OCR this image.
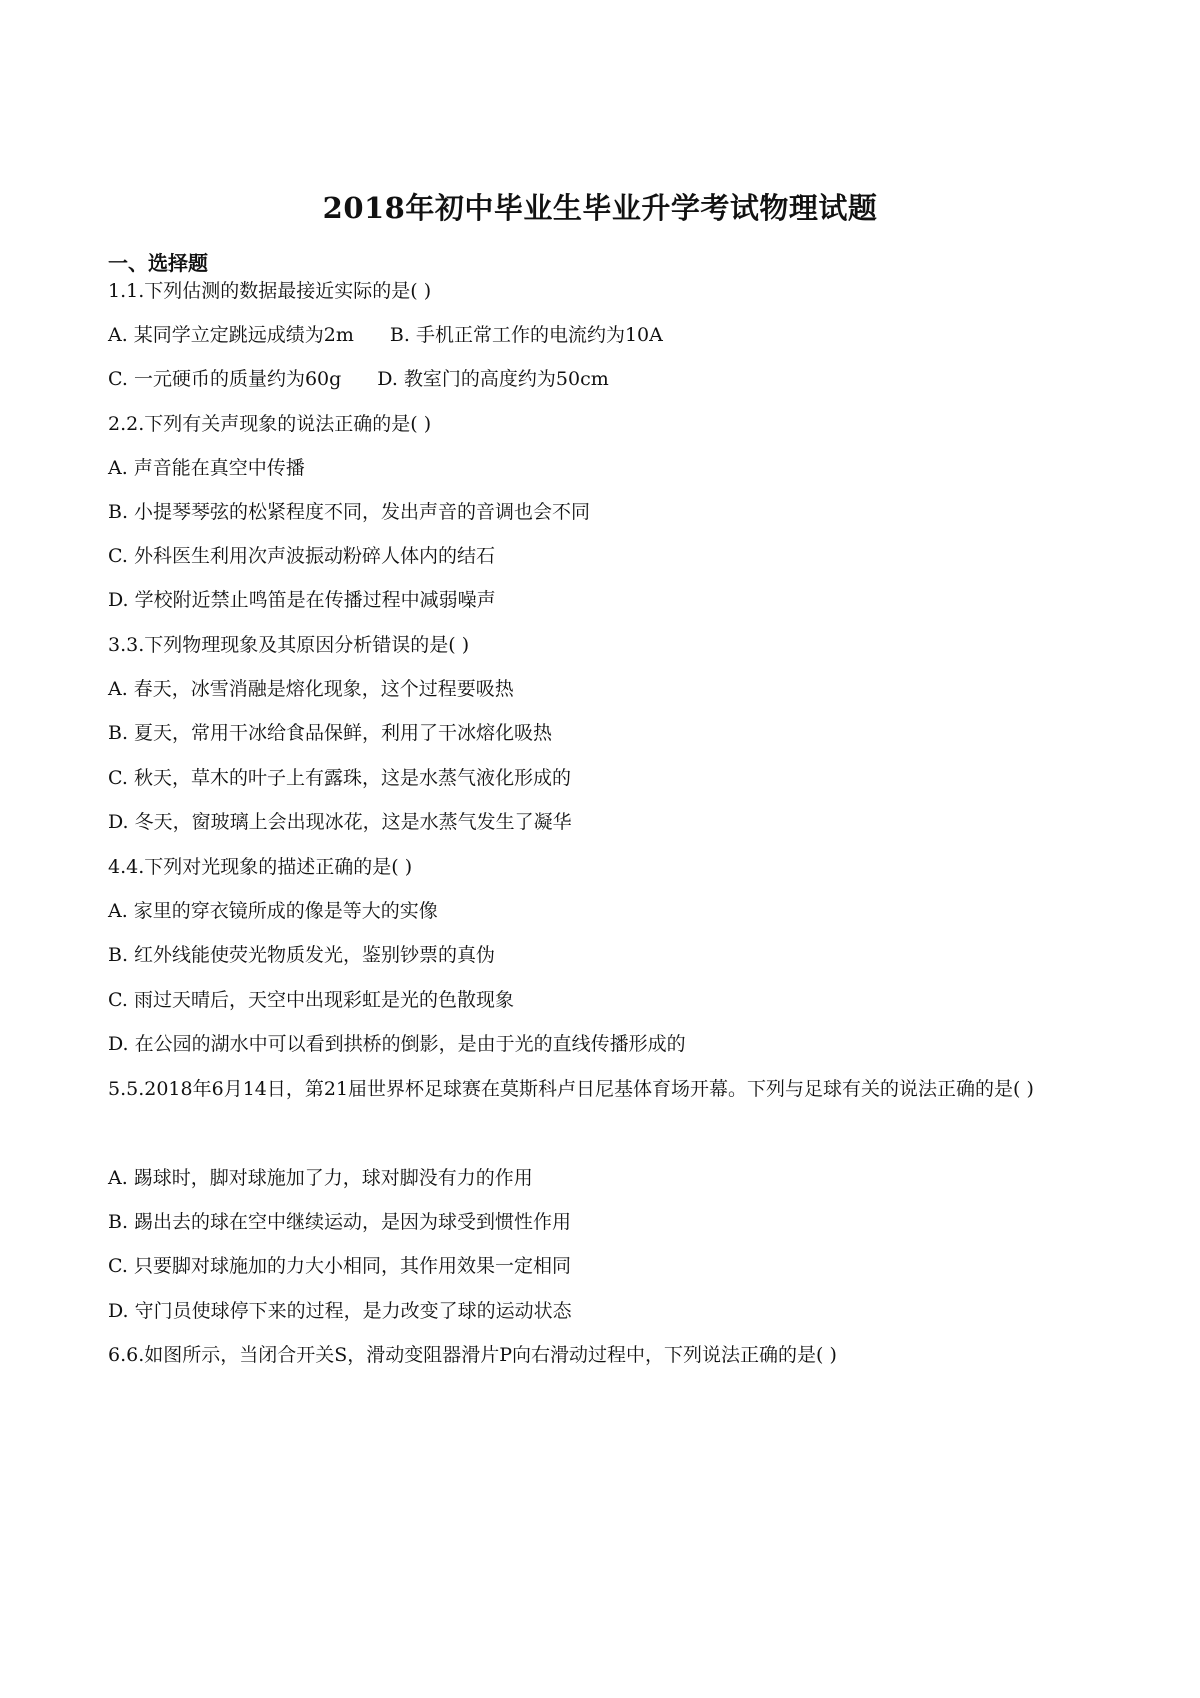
2018年初中毕业生毕业升学考试物理试题
一、选择题
1.1.下列估测的数据最接近实际的是( )
A. 某同学立定跳远成绩为2m B. 手机正常工作的电流约为10A
C. 一元硬币的质量约为60g D. 教室门的高度约为50cm
2.2.下列有关声现象的说法正确的是( )
A. 声音能在真空中传播
B. 小提琴琴弦的松紧程度不同，发出声音的音调也会不同
C. 外科医生利用次声波振动粉碎人体内的结石
D. 学校附近禁止鸣笛是在传播过程中减弱噪声
3.3.下列物理现象及其原因分析错误的是( )
A. 春天，冰雪消融是熔化现象，这个过程要吸热
B. 夏天，常用干冰给食品保鲜，利用了干冰熔化吸热
C. 秋天，草木的叶子上有露珠，这是水蒸气液化形成的
D. 冬天，窗玻璃上会出现冰花，这是水蒸气发生了凝华
4.4.下列对光现象的描述正确的是( )
A. 家里的穿衣镜所成的像是等大的实像
B. 红外线能使荧光物质发光，鉴别钞票的真伪
C. 雨过天晴后，天空中出现彩虹是光的色散现象
D. 在公园的湖水中可以看到拱桥的倒影，是由于光的直线传播形成的
5.5.2018年6月14日，第21届世界杯足球赛在莫斯科卢日尼基体育场开幕。下列与足球有关的说法正确的是( )
A. 踢球时，脚对球施加了力，球对脚没有力的作用
B. 踢出去的球在空中继续运动，是因为球受到惯性作用
C. 只要脚对球施加的力大小相同，其作用效果一定相同
D. 守门员使球停下来的过程，是力改变了球的运动状态
6.6.如图所示，当闭合开关S，滑动变阻器滑片P向右滑动过程中，下列说法正确的是( )
